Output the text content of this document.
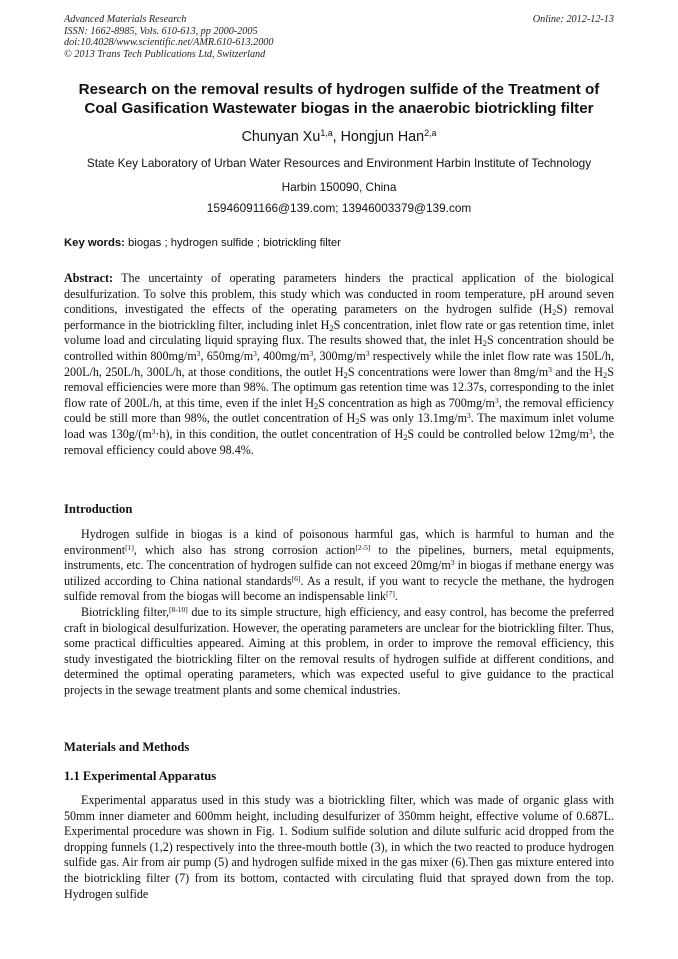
Advanced Materials Research
ISSN: 1662-8985, Vols. 610-613, pp 2000-2005
doi:10.4028/www.scientific.net/AMR.610-613.2000
© 2013 Trans Tech Publications Ltd, Switzerland
Online: 2012-12-13
Research on the removal results of hydrogen sulfide of the Treatment of
Coal Gasification Wastewater biogas in the anaerobic biotrickling filter
Chunyan Xu$^{1,a}$, Hongjun Han$^{2,a}$
State Key Laboratory of Urban Water Resources and Environment Harbin Institute of Technology
Harbin 150090, China
15946091166@139.com; 13946003379@139.com
Key words: biogas ; hydrogen sulfide ; biotrickling filter
Abstract: The uncertainty of operating parameters hinders the practical application of the biological desulfurization. To solve this problem, this study which was conducted in room temperature, pH around seven conditions, investigated the effects of the operating parameters on the hydrogen sulfide $(H_2S)$ removal performance in the biotrickling filter, including inlet $H_2S$ concentration, inlet flow rate or gas retention time, inlet volume load and circulating liquid spraying flux. The results showed that, the inlet $H_2S$ concentration should be controlled within $800mg/m^3$, $650mg/m^3$, $400mg/m^3$, $300mg/m^3$ respectively while the inlet flow rate was 150L/h, 200L/h, 250L/h, 300L/h, at those conditions, the outlet $H_2S$ concentrations were lower than $8mg/m^3$ and the $H_2S$ removal efficiencies were more than 98%. The optimum gas retention time was 12.37s, corresponding to the inlet flow rate of 200L/h, at this time, even if the inlet $H_2S$ concentration as high as $700mg/m^3$, the removal efficiency could be still more than 98%, the outlet concentration of $H_2S$ was only $13.1mg/m^3$. The maximum inlet volume load was $130g/(m^3\cdot h)$, in this condition, the outlet concentration of $H_2S$ could be controlled below $12mg/m^3$, the removal efficiency could above 98.4%.
Introduction
Hydrogen sulfide in biogas is a kind of poisonous harmful gas, which is harmful to human and the environment[1], which also has strong corrosion action[2-5] to the pipelines, burners, metal equipments, instruments, etc. The concentration of hydrogen sulfide can not exceed $20mg/m^3$ in biogas if methane energy was utilized according to China national standards[6]. As a result, if you want to recycle the methane, the hydrogen sulfide removal from the biogas will become an indispensable link[7].
Biotrickling filter,[8-10] due to its simple structure, high efficiency, and easy control, has become the preferred craft in biological desulfurization. However, the operating parameters are unclear for the biotrickling filter. Thus, some practical difficulties appeared. Aiming at this problem, in order to improve the removal efficiency, this study investigated the biotrickling filter on the removal results of hydrogen sulfide at different conditions, and determined the optimal operating parameters, which was expected useful to give guidance to the practical projects in the sewage treatment plants and some chemical industries.
Materials and Methods
1.1 Experimental Apparatus
Experimental apparatus used in this study was a biotrickling filter, which was made of organic glass with 50mm inner diameter and 600mm height, including desulfurizer of 350mm height, effective volume of 0.687L. Experimental procedure was shown in Fig. 1. Sodium sulfide solution and dilute sulfuric acid dropped from the dropping funnels (1,2) respectively into the three-mouth bottle (3), in which the two reacted to produce hydrogen sulfide gas. Air from air pump (5) and hydrogen sulfide mixed in the gas mixer (6).Then gas mixture entered into the biotrickling filter (7) from its bottom, contacted with circulating fluid that sprayed down from the top. Hydrogen sulfide
